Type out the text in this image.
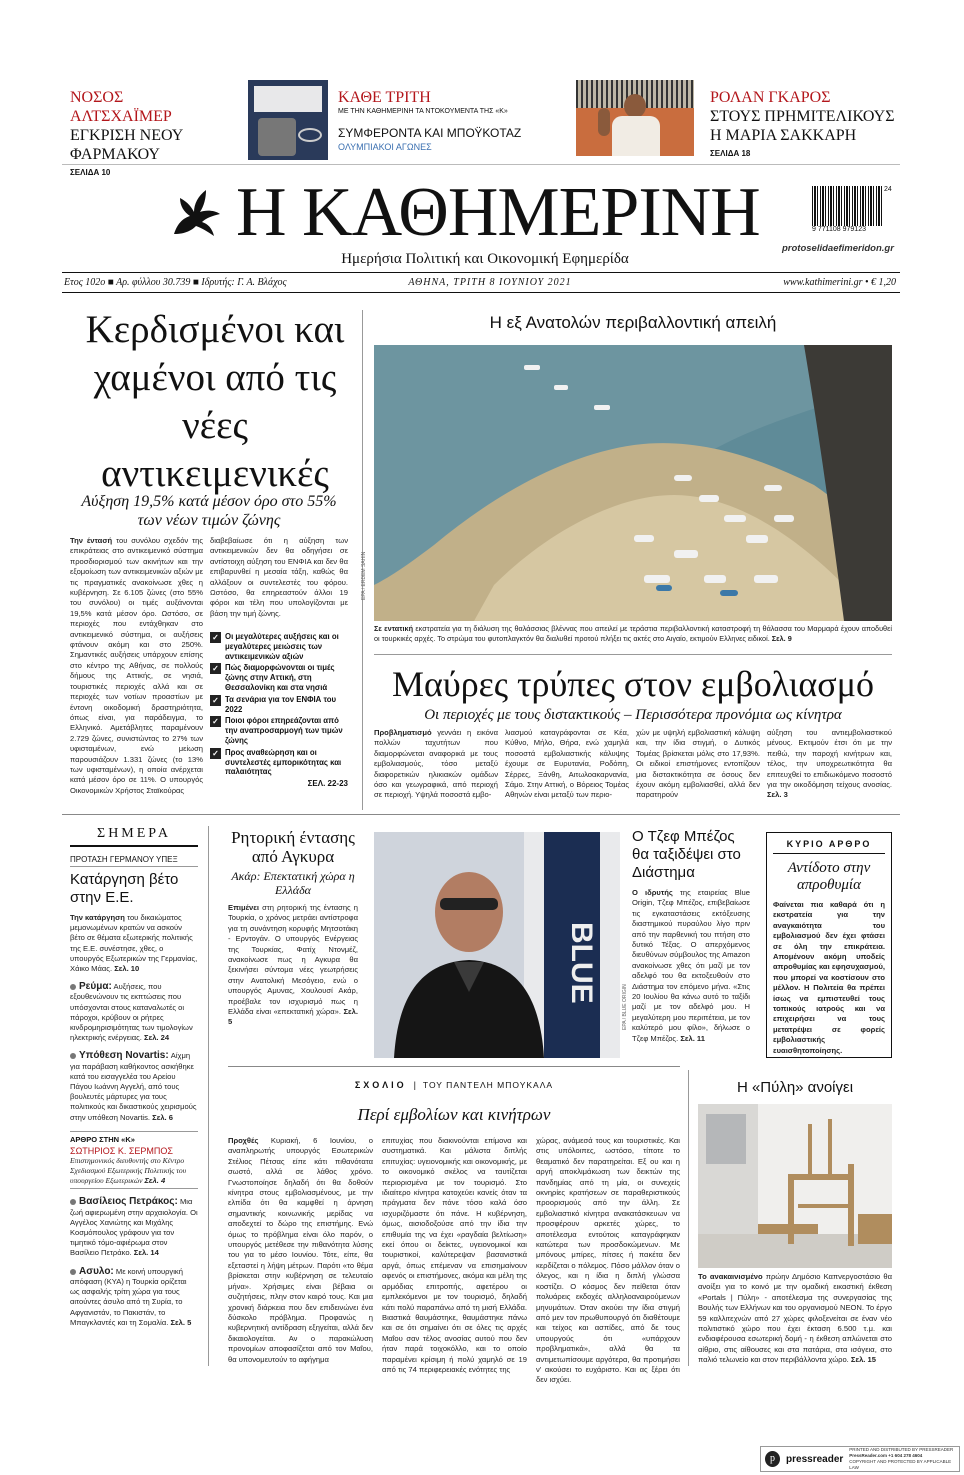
ΝΟΣΟΣ ΑΛΤΣΧΑΪΜΕΡ
ΕΓΚΡΙΣΗ ΝΕΟΥ ΦΑΡΜΑΚΟΥ
ΣΕΛΙΔΑ 10
ΚΑΘΕ ΤΡΙΤΗ
ΜΕ ΤΗΝ ΚΑΘΗΜΕΡΙΝΗ ΤΑ ΝΤΟΚΟΥΜΕΝΤΑ ΤΗΣ «Κ»
ΣΥΜΦΕΡΟΝΤΑ ΚΑΙ ΜΠΟΫΚΟΤΑΖ
ΟΛΥΜΠΙΑΚΟΙ ΑΓΩΝΕΣ
ΡΟΛΑΝ ΓΚΑΡΟΣ
ΣΤΟΥΣ ΠΡΗΜΙΤΕΛΙΚΟΥΣ Η ΜΑΡΙΑ ΣΑΚΚΑΡΗ
ΣΕΛΙΔΑ 18
Η ΚΑΘΗΜΕΡΙΝΗ
Ημερήσια Πολιτική και Οικονομική Εφημερίδα
24
9 771108 979123
protoselidaefimeridon.gr
Ετος 102ο ■ Αρ. φύλλου 30.739 ■ Ιδρυτής: Γ. Α. Βλάχος	ΑΘΗΝΑ, ΤΡΙΤΗ 8 ΙΟΥΝΙΟΥ 2021	www.kathimerini.gr • € 1,20
Κερδισμένοι και χαμένοι από τις νέες αντικειμενικές
Αύξηση 19,5% κατά μέσον όρο στο 55% των νέων τιμών ζώνης
Την έντασή του συνόλου σχεδόν της επικράτειας στο αντικειμενικό σύστημα προσδιορισμού των ακινήτων και την εξομοίωση των αντικειμενικών αξιών με τις πραγματικές ανακοίνωσε χθες η κυβέρνηση. Σε 6.105 ζώνες (στο 55% του συνόλου) οι τιμές αυξάνονται 19,5% κατά μέσον όρο. Ωστόσο, σε περιοχές που εντάχθηκαν στο αντικειμενικό σύστημα, οι αυξήσεις φτάνουν ακόμη και στο 250%. Σημαντικές αυξήσεις υπάρχουν επίσης στο κέντρο της Αθήνας, σε πολλούς δήμους της Αττικής, σε νησιά, τουριστικές περιοχές αλλά και σε περιοχές των νοτίων προαστίων με έντονη οικοδομική δραστηριότητα, όπως είναι, για παράδειγμα, το Ελληνικό. Αμετάβλητες παραμένουν 2.729 ζώνες, συνιστώντας το 27% των υφισταμένων, ενώ μείωση παρουσιάζουν 1.331 ζώνες (το 13% των υφισταμένων), η οποία ανέρχεται κατά μέσον όρο σε 11%. Ο υπουργός Οικονομικών Χρήστος Σταϊκούρας
διαβεβαίωσε ότι η αύξηση των αντικειμενικών δεν θα οδηγήσει σε αντίστοιχη αύξηση του ΕΝΦΙΑ και δεν θα επιβαρυνθεί η μεσαία τάξη, καθώς θα αλλάξουν οι συντελεστές του φόρου. Ωστόσο, θα επηρεαστούν άλλοι 19 φόροι και τέλη που υπολογίζονται με βάση την τιμή ζώνης.
✓ Οι μεγαλύτερες αυξήσεις και οι μεγαλύτερες μειώσεις των αντικειμενικών αξιών
✓ Πώς διαμορφώνονται οι τιμές ζώνης στην Αττική, στη Θεσσαλονίκη και στα νησιά
✓ Τα σενάρια για τον ΕΝΦΙΑ του 2022
✓ Ποιοι φόροι επηρεάζονται από την αναπροσαρμογή των τιμών ζώνης
✓ Προς αναθεώρηση και οι συντελεστές εμπορικότητας και παλαιότητας
ΣΕΛ. 22-23
Η εξ Ανατολών περιβαλλοντική απειλή
EPA / ERDEM SAHIN
Σε εντατική εκστρατεία για τη διάλυση της θαλάσσιας βλέννας που απειλεί με τεράστια περιβαλλοντική καταστροφή τη θάλασσα του Μαρμαρά έχουν αποδυθεί οι τουρκικές αρχές. Το στρώμα του φυτοπλαγκτόν θα διαλυθεί προτού πλήξει τις ακτές στο Αιγαίο, εκτιμούν Ελληνες ειδικοί. Σελ. 9
Μαύρες τρύπες στον εμβολιασμό
Οι περιοχές με τους διστακτικούς – Περισσότερα προνόμια ως κίνητρα
Προβληματισμό γεννάει η εικόνα πολλών ταχυτήτων που διαμορφώνεται αναφορικά με τους εμβολιασμούς, τόσο μεταξύ διαφορετικών ηλικιακών ομάδων όσο και γεωγραφικά, από περιοχή σε περιοχή. Υψηλά ποσοστά εμβο-
λιασμού καταγράφονται σε Κέα, Κύθνο, Μήλο, Θήρα, ενώ χαμηλά ποσοστά εμβολιαστικής κάλυψης έχουμε σε Ευρυτανία, Ροδόπη, Σέρρες, Ξάνθη, Αιτωλοακαρνανία, Σάμο. Στην Αττική, ο Βόρειος Τομέας Αθηνών είναι μεταξύ των περιο-
χών με υψηλή εμβολιαστική κάλυψη και, την ίδια στιγμή, ο Δυτικός Τομέας βρίσκεται μόλις στο 17,93%. Οι ειδικοί επιστήμονες εντοπίζουν μια διστακτικότητα σε όσους δεν έχουν ακόμη εμβολιασθεί, αλλά δεν παρατηρούν
αύξηση του αντιεμβολιαστικού μένους. Εκτιμούν έτσι ότι με την πειθώ, την παροχή κινήτρων και, τέλος, την υποχρεωτικότητα θα επιτευχθεί το επιδιωκόμενο ποσοστό για την οικοδόμηση τείχους ανοσίας. Σελ. 3
ΣΗΜΕΡΑ
ΠΡΟΤΑΣΗ ΓΕΡΜΑΝΟΥ ΥΠΕΞ
Κατάργηση βέτο στην Ε.Ε.
Την κατάργηση του δικαιώματος μεμονωμένων κρατών να ασκούν βέτο σε θέματα εξωτερικής πολιτικής της Ε.Ε. συνέστησε, χθες, ο υπουργός Εξωτερικών της Γερμανίας, Χάικο Μάας. Σελ. 10
Ρεύμα: Αυξήσεις, που εξουθενώνουν τις εκπτώσεις που υπόσχονται στους καταναλωτές οι πάροχοι, κρύβουν οι ρήτρες κινδρομηρισιμότητας των τιμολογίων ηλεκτρικής ενέργειας. Σελ. 24
Υπόθεση Novartis: Αίχμη για παράβαση καθήκοντος ασκήθηκε κατά του εισαγγελέα του Αρείου Πάγου Ιωάννη Αγγελή, από τους βουλευτές μάρτυρες για τους πολιτικούς και δικαστικούς χειρισμούς στην υπόθεση Novartis. Σελ. 6
ΑΡΘΡΟ ΣΤΗΝ «Κ»
ΣΩΤΗΡΙΟΣ Κ. ΣΕΡΜΠΟΣ
Επιστημονικός διευθυντής στο Κέντρο Σχεδιασμού Εξωτερικής Πολιτικής του υπουργείου Εξωτερικών Σελ. 4
Βασίλειος Πετράκος: Μια ζωή αφιερωμένη στην αρχαιολογία. Οι Αγγέλος Χανιώτης και Μιχάλης Κοσμόπουλος γράφουν για τον τιμητικό τόμο-αφιέρωμα στον Βασίλειο Πετράκο. Σελ. 14
Ασυλο: Με κοινή υπουργική απόφαση (ΚΥΑ) η Τουρκία ορίζεται ως ασφαλής τρίτη χώρα για τους αιτούντες άσυλο από τη Συρία, το Αφγανιστάν, το Πακιστάν, το Μπαγκλαντές και τη Σομαλία. Σελ. 5
Ρητορική έντασης από Αγκυρα
Ακάρ: Επεκτατική χώρα η Ελλάδα
Επιμένει στη ρητορική της έντασης η Τουρκία, ο χρόνος μετράει αντίστροφα για τη συνάντηση κορυφής Μητσοτάκη - Ερντογάν. Ο υπουργός Ενέργειας της Τουρκίας, Φατίχ Ντονμέζ, ανακοίνωσε πως η Αγκυρα θα ξεκινήσει σύντομα νέες γεωτρήσεις στην Ανατολική Μεσόγειο, ενώ ο υπουργός Αμυνας, Χουλουσί Ακάρ, προέβαλε τον ισχυρισμό πως η Ελλάδα είναι «επεκτατική χώρα». Σελ. 5
BLUE
EPA / BLUE ORIGIN
Ο Τζεφ Μπέζος θα ταξιδέψει στο Διάστημα
Ο ιδρυτής της εταιρείας Blue Origin, Τζεφ Μπέζος, επιβεβαίωσε τις εγκαταστάσεις εκτόξευσης διαστημικού πυραύλου λίγο πριν από την παρθενική του πτήση στο δυτικό Τέξας. Ο απερχόμενος διευθύνων σύμβουλος της Amazon ανακοίνωσε χθες ότι μαζί με τον αδελφό του θα εκτοξευθούν στο Διάστημα τον επόμενο μήνα. «Στις 20 Ιουλίου θα κάνω αυτό το ταξίδι μαζί με τον αδελφό μου. Η μεγαλύτερη μου περιπέτεια, με τον καλύτερό μου φίλο», δήλωσε ο Τζεφ Μπέζος. Σελ. 11
ΚΥΡΙΟ ΑΡΘΡΟ
Αντίδοτο στην απροθυμία
Φαίνεται πια καθαρά ότι η εκστρατεία για την αναγκαιότητα του εμβολιασμού δεν έχει φτάσει σε όλη την επικράτεια. Απομένουν ακόμη υποδείς απροθυμίας και εφησυχασμού, που μπορεί να κοστίσουν στο μέλλον. Η Πολιτεία θα πρέπει ίσως να εμπιστευθεί τους τοπικούς ιατρούς και να επιχειρήσει να τους μετατρέψει σε φορείς εμβολιαστικής ευαισθητοποίησης.
ΣΧΟΛΙΟ | ΤΟΥ ΠΑΝΤΕΛΗ ΜΠΟΥΚΑΛΑ
Περί εμβολίων και κινήτρων
Προχθές Κυριακή, 6 Ιουνίου, ο αναπληρωτής υπουργός Εσωτερικών Στέλιος Πέτσας είπε κάτι πιθανότατα σωστό, αλλά σε λάθος χρόνο. Γνωστοποίησε δηλαδή ότι θα δοθούν κίνητρα στους εμβολιασμένους, με την ελπίδα ότι θα καμφθεί η άρνηση σημαντικής κοινωνικής μερίδας να αποδεχτεί το δώρο της επιστήμης. Ενώ όμως το πρόβλημα είναι όλο παρόν, ο υπουργός μετέθεσε την πιθανότητα λύσης του για το μέσο Ιουνίου. Τότε, είπε, θα εξεταστεί η λήψη μέτρων. Παρότι «το θέμα βρίσκεται στην κυβέρνηση σε τελευταίο μήνα». Χρήσιμες είναι βέβαια οι συζητήσεις, πλην στον καιρό τους. Και μια χρονική διάρκεια που δεν επιδεινώνει ένα δύσκολο πρόβλημα. Προφανώς η κυβερνητική αντίδραση εξηγείται, αλλά δεν δικαιολογείται. Αν ο παρακώλυση προνομίων αποφασίζεται από τον Μαΐου, θα υπονομευτούν το αφήγημα
επιτυχίας που διακινούνται επίμονα και συστηματικά. Και μάλιστα διπλής επιτυχίας: υγειονομικής και οικονομικής, με το οικονομικό σκέλος να ταυτίζεται περιορισμένα με τον τουρισμό. Στο ιδιαίτερο κίνητρα κατοχεύει κανείς όταν τα πράγματα δεν πάνε τόσο καλά όσο ισχυριζόμαστε ότι πάνε. Η κυβέρνηση, όμως, αισιοδοξούσε από την ίδια την επιθυμία της να έχει «ραγδαία βελτίωση» εκεί όπου οι δείκτες, υγειονομικοί και τουριστικοί, καλύτερεψαν βασανιστικά αργά, όπως επέμεναν να επισημαίνουν αφενός οι επιστήμονες, ακόμα και μέλη της αρμόδιας επιτροπής, αφετέρου οι εμπλεκόμενοι με τον τουρισμό, δηλαδή κάτι πολύ παραπάνω από τη μισή Ελλάδα. Βιαστικά θαυμάστηκε, θαυμάστηκε πάνω και σε ότι σημαίνει ότι σε όλες τις αρχές Μαΐου σαν τέλος ανοσίας αυτού που δεν ήταν παρά τοιχοκόλλο, και το οποίο παραμένει κρίσιμη ή πολύ χαμηλό σε 19 από τις 74 περιφερειακές ενότητες της
χώρας, ανάμεσά τους και τουριστικές. Και στις υπόλοιπες, ωστόσο, τίποτε το θεαματικό δεν παρατηρείται. Εξ ου και η αργή αποκλιμάκωση των δεικτών της πανδημίας από τη μία, οι συνεχείς οκνηρίες κρατήσεων σε παραθεριστικούς προορισμούς από την άλλη. Σε εμβολιαστικό κίνητρα ανακατάσκευων να προσφέρουν αρκετές χώρες, το αποτέλεσμα εντούτοις καταγράφηκαν κατώτερα των προσδοκώμενων. Με μπόνους μπίρες, πίτσες ή πακέτα δεν κερδίζεται ο πόλεμος. Πόσο μάλλον όταν ο όλεγος, και η ίδια η διπλή γλώσσα κοστίζει. Ο κόσμος δεν πείθεται όταν πολυάρεις εκδοχές αλληλοαναιρούμενων μηνυμάτων. Όταν ακούει την ίδια στιγμή από μεν τον πρωθυπουργό ότι διαθέτουμε και τείχος και ασπίδες, από δε τους υπουργούς ότι «υπάρχουν προβληματικά», αλλά θα τα αντιμετωπίσουμε αργότερα, θα προτιμήσει ν' ακούσει το ευχάριστο. Και ας ξέρει ότι δεν ισχύει.
Η «Πύλη» ανοίγει
Το ανακαινισμένο πρώην Δημόσιο Καπνεργοστάσιο θα ανοίξει για το κοινό με την ομαδική εικαστική έκθεση «Portals | Πύλη» - αποτέλεσμα της συνεργασίας της Βουλής των Ελλήνων και του οργανισμού ΝΕΟΝ. Το έργο 59 καλλιτεχνών από 27 χώρες φιλοξενείται σε έναν νέο πολιτιστικό χώρο που έχει έκταση 6.500 τ.μ. και ενδιαφέρουσα εσωτερική δομή - η έκθεση απλώνεται στο αίθριο, στις αίθουσες και στα πατάρια, στα ισόγεια, στο παλιό τελωνείο και στον περιβάλλοντα χώρο. Σελ. 15
p	pressreader
PRINTED AND DISTRIBUTED BY PRESSREADER
PressReader.com +1 604 278 4604
COPYRIGHT AND PROTECTED BY APPLICABLE LAW
